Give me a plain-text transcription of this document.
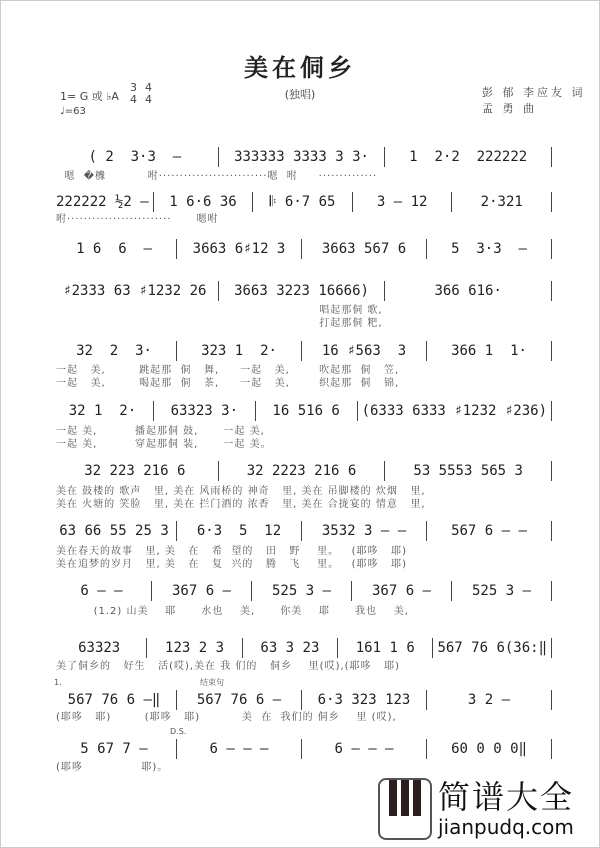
美在侗乡
(独唱)
1= G 或 ♭A
3
4
4
4
♩=63
彭 郁 李应友 词
孟 勇 曲
( 2  3·3  –	333333 3333 3 3·	1  2·2  222222
嗯  �櫲          咐··························嗯  咐     ··············
222222 ½2 –	1 6·6 36	𝄆 6·7 65	3 – 12	2·321
咐·························      嗯咐
1 6  6  –	3663 6♯12 3	3663 567 6	5  3·3  –
♯2333 63 ♯1232 26	3663 3223 16666)	366 616·
唱起那侗 歌,
打起那侗 粑,
32  2  3·	323 1  2·	16 ♯563  3	366 1  1·
一起   美,        跳起那  侗   舞,     一起   美,       吹起那  侗   笠,
一起   美,        喝起那  侗   茶,     一起   美,       织起那  侗   锦,
32 1  2·	63323 3·	16 516 6	(6333 6333 ♯1232 ♯236)
一起 美,         播起那侗 鼓,      一起 美,
一起 美,         穿起那侗 装,      一起 美。
32 223 216 6	32 2223 216 6	53 5553 565 3
美在 鼓楼的 歌声   里, 美在 风雨桥的 神奇   里, 美在 吊脚楼的 炊烟   里,
美在 火塘的 笑脸   里, 美在 拦门酒的 浓香   里, 美在 合拢宴的 情意   里,
63 66 55 25 3	6·3  5  12	3532 3 – –	567 6 – –
美在春天的故事   里, 美   在   希  望的   田   野    里。   (耶哆   耶)
美在追梦的岁月   里, 美   在   复  兴的   腾   飞    里。   (耶哆   耶)
6 – –	367 6 –	525 3 –	367 6 –	525 3 –
(1.2) 山美    耶      水也    美,      你美    耶      我也    美,
63323	123 2 3	63 3 23	161 1 6	567 76 6(36:‖
美了侗乡的   好生   活(哎),美在 我 们的   侗乡    里(哎),(耶哆   耶)
567 76 6 –‖	567 76 6 –	6·3 323 123	3 2 –
(耶哆   耶)        (耶哆   耶)          美  在  我们的 侗乡    里 (哎),
5 67 7 –	6 – – –	6 – – –	60 0 0 0‖
(耶哆              耶)。
1.	结束句
D.S.
简谱大全
jianpudq.com
